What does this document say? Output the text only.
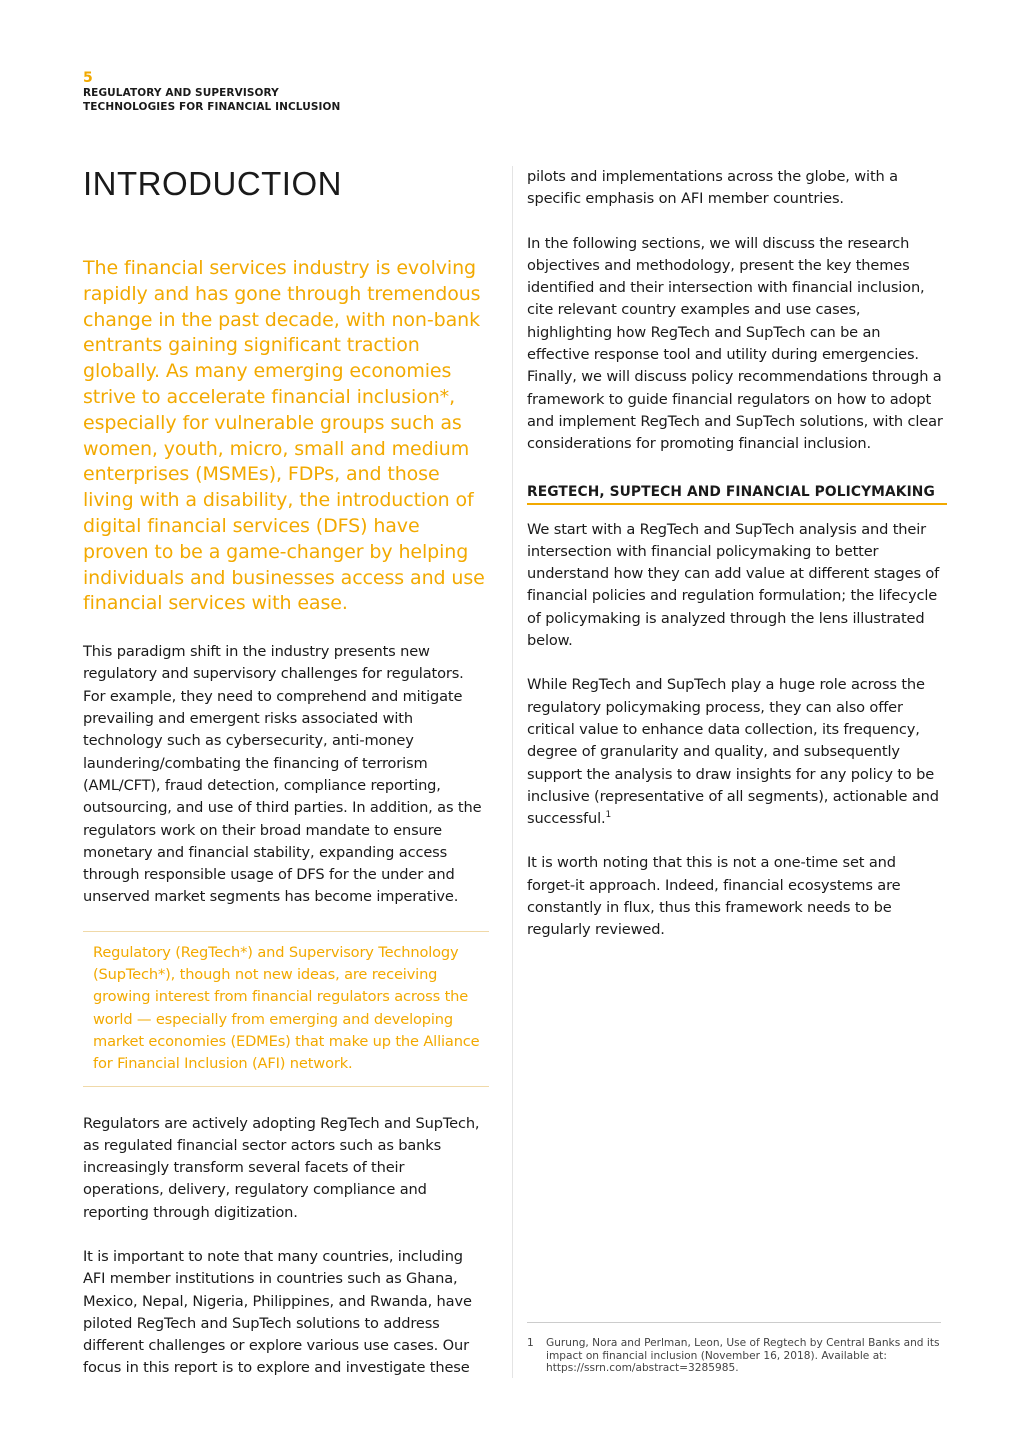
5
REGULATORY AND SUPERVISORY
TECHNOLOGIES FOR FINANCIAL INCLUSION
INTRODUCTION

The financial services industry is evolving rapidly and has gone through tremendous change in the past decade, with non-bank entrants gaining significant traction globally. As many emerging economies strive to accelerate financial inclusion*, especially for vulnerable groups such as women, youth, micro, small and medium enterprises (MSMEs), FDPs, and those living with a disability, the introduction of digital financial services (DFS) have proven to be a game-changer by helping individuals and businesses access and use financial services with ease.

This paradigm shift in the industry presents new regulatory and supervisory challenges for regulators. For example, they need to comprehend and mitigate prevailing and emergent risks associated with technology such as cybersecurity, anti-money laundering/combating the financing of terrorism (AML/CFT), fraud detection, compliance reporting, outsourcing, and use of third parties. In addition, as the regulators work on their broad mandate to ensure monetary and financial stability, expanding access through responsible usage of DFS for the under and unserved market segments has become imperative.

Regulatory (RegTech*) and Supervisory Technology (SupTech*), though not new ideas, are receiving growing interest from financial regulators across the world — especially from emerging and developing market economies (EDMEs) that make up the Alliance for Financial Inclusion (AFI) network.

Regulators are actively adopting RegTech and SupTech, as regulated financial sector actors such as banks increasingly transform several facets of their operations, delivery, regulatory compliance and reporting through digitization.

It is important to note that many countries, including AFI member institutions in countries such as Ghana, Mexico, Nepal, Nigeria, Philippines, and Rwanda, have piloted RegTech and SupTech solutions to address different challenges or explore various use cases. Our focus in this report is to explore and investigate these

pilots and implementations across the globe, with a specific emphasis on AFI member countries.

In the following sections, we will discuss the research objectives and methodology, present the key themes identified and their intersection with financial inclusion, cite relevant country examples and use cases, highlighting how RegTech and SupTech can be an effective response tool and utility during emergencies. Finally, we will discuss policy recommendations through a framework to guide financial regulators on how to adopt and implement RegTech and SupTech solutions, with clear considerations for promoting financial inclusion.

REGTECH, SUPTECH AND FINANCIAL POLICYMAKING

We start with a RegTech and SupTech analysis and their intersection with financial policymaking to better understand how they can add value at different stages of financial policies and regulation formulation; the lifecycle of policymaking is analyzed through the lens illustrated below.

While RegTech and SupTech play a huge role across the regulatory policymaking process, they can also offer critical value to enhance data collection, its frequency, degree of granularity and quality, and subsequently support the analysis to draw insights for any policy to be inclusive (representative of all segments), actionable and successful.$^1$

It is worth noting that this is not a one-time set and forget-it approach. Indeed, financial ecosystems are constantly in flux, thus this framework needs to be regularly reviewed.

1	Gurung, Nora and Perlman, Leon, Use of Regtech by Central Banks and its impact on financial inclusion (November 16, 2018). Available at: https://ssrn.com/abstract=3285985.
